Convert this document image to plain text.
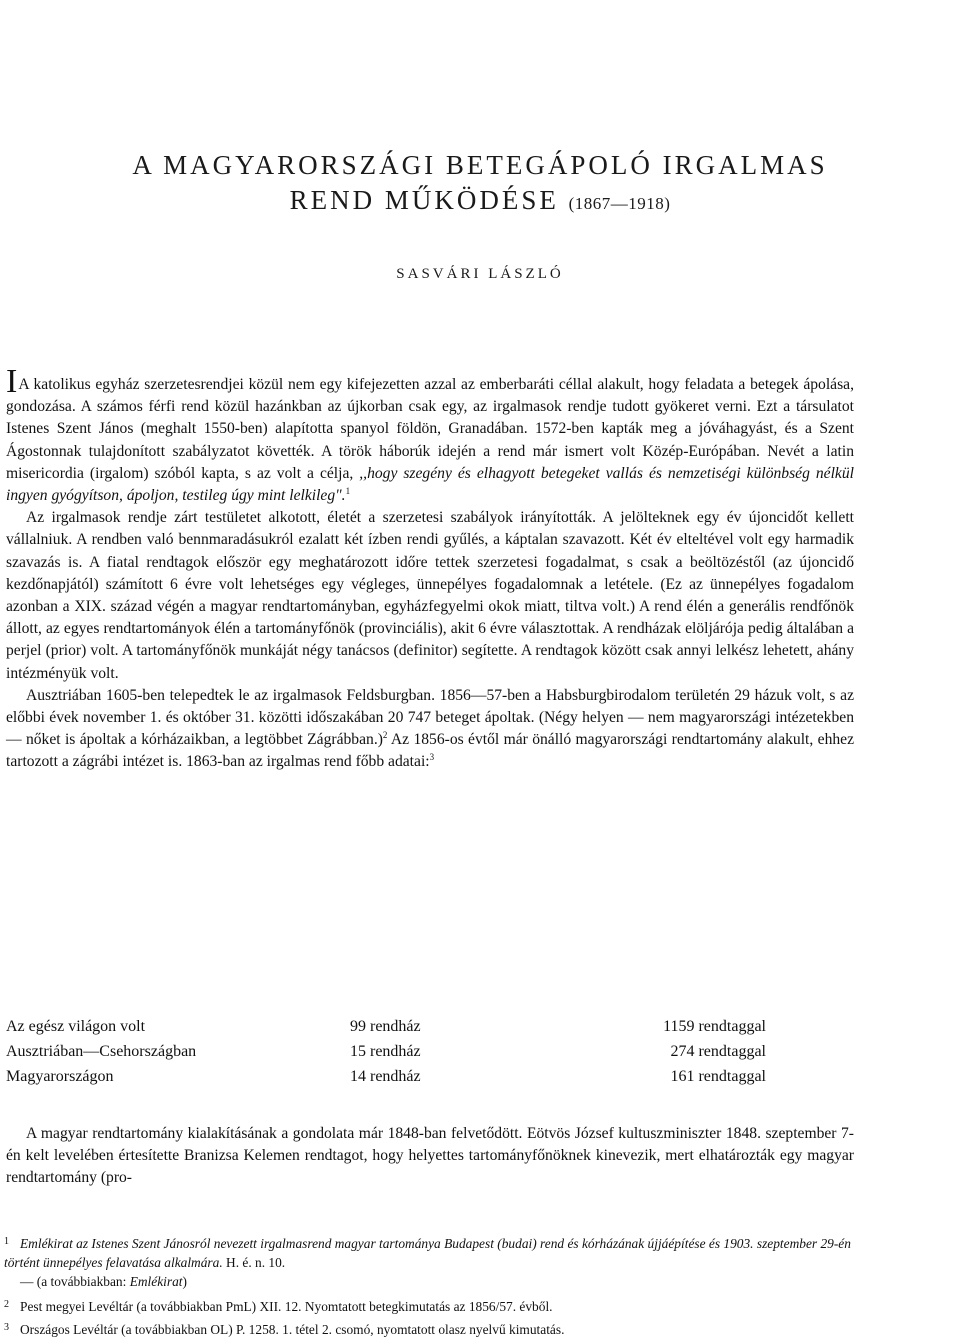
A MAGYARORSZÁGI BETEGÁPOLÓ IRGALMAS
REND MŰKÖDÉSE (1867—1918)
SASVÁRI LÁSZLÓ

IA katolikus egyház szerzetesrendjei közül nem egy kifejezetten azzal az emberbaráti céllal alakult, hogy feladata a betegek ápolása, gondozása. A számos férfi rend közül hazánkban az újkorban csak egy, az irgalmasok rendje tudott gyökeret verni. Ezt a társulatot Istenes Szent János (meghalt 1550-ben) alapította spanyol földön, Granadában. 1572-ben kapták meg a jóváhagyást, és a Szent Ágostonnak tulajdonított szabályzatot követték. A török háborúk idején a rend már ismert volt Közép-Európában. Nevét a latin misericordia (irgalom) szóból kapta, s az volt a célja, ,,hogy szegény és elhagyott betegeket vallás és nemzetiségi különbség nélkül ingyen gyógyítson, ápoljon, testileg úgy mint lelkileg".$^1$

Az irgalmasok rendje zárt testületet alkotott, életét a szerzetesi szabályok irányították. A jelölteknek egy év újoncidőt kellett vállalniuk. A rendben való bennmaradásukról ezalatt két ízben rendi gyűlés, a káptalan szavazott. Két év elteltével volt egy harmadik szavazás is. A fiatal rendtagok először egy meghatározott időre tettek szerzetesi fogadalmat, s csak a beöltözéstől (az újoncidő kezdőnapjától) számított 6 évre volt lehetséges egy végleges, ünnepélyes fogadalomnak a letétele. (Ez az ünnepélyes fogadalom azonban a XIX. század végén a magyar rendtartományban, egyházfegyelmi okok miatt, tiltva volt.) A rend élén a generális rendfőnök állott, az egyes rendtartományok élén a tartományfőnök (provinciális), akit 6 évre választottak. A rendházak elöljárója pedig általában a perjel (prior) volt. A tartományfőnök munkáját négy tanácsos (definitor) segítette. A rendtagok között csak annyi lelkész lehetett, ahány intézményük volt.

Ausztriában 1605-ben telepedtek le az irgalmasok Feldsburgban. 1856—57-ben a Habsburgbirodalom területén 29 házuk volt, s az előbbi évek november 1. és október 31. közötti időszakában 20 747 beteget ápoltak. (Négy helyen — nem magyarországi intézetekben — nőket is ápoltak a kórházaikban, a legtöbbet Zágrábban.)$^2$ Az 1856-os évtől már önálló magyarországi rendtartomány alakult, ehhez tartozott a zágrábi intézet is. 1863-ban az irgalmas rend főbb adatai:$^3$

Az egész világon volt	99 rendház	1159 rendtaggal
Ausztriában—Csehországban	15 rendház	274 rendtaggal
Magyarországon	14 rendház	161 rendtaggal

A magyar rendtartomány kialakításának a gondolata már 1848-ban felvetődött. Eötvös József kultuszminiszter 1848. szeptember 7-én kelt levelében értesítette Branizsa Kelemen rendtagot, hogy helyettes tartományfőnöknek kinevezik, mert elhatározták egy magyar rendtartomány (pro-

1 Emlékirat az Istenes Szent Jánosról nevezett irgalmasrend magyar tartománya Budapest (budai) rend és kórházának újjáépítése és 1903. szeptember 29-én történt ünnepélyes felavatása alkalmára. H. é. n. 10.
— (a továbbiakban: Emlékirat)
2 Pest megyei Levéltár (a továbbiakban PmL) XII. 12. Nyomtatott betegkimutatás az 1856/57. évből.
3 Országos Levéltár (a továbbiakban OL) P. 1258. 1. tétel 2. csomó, nyomtatott olasz nyelvű kimutatás.
